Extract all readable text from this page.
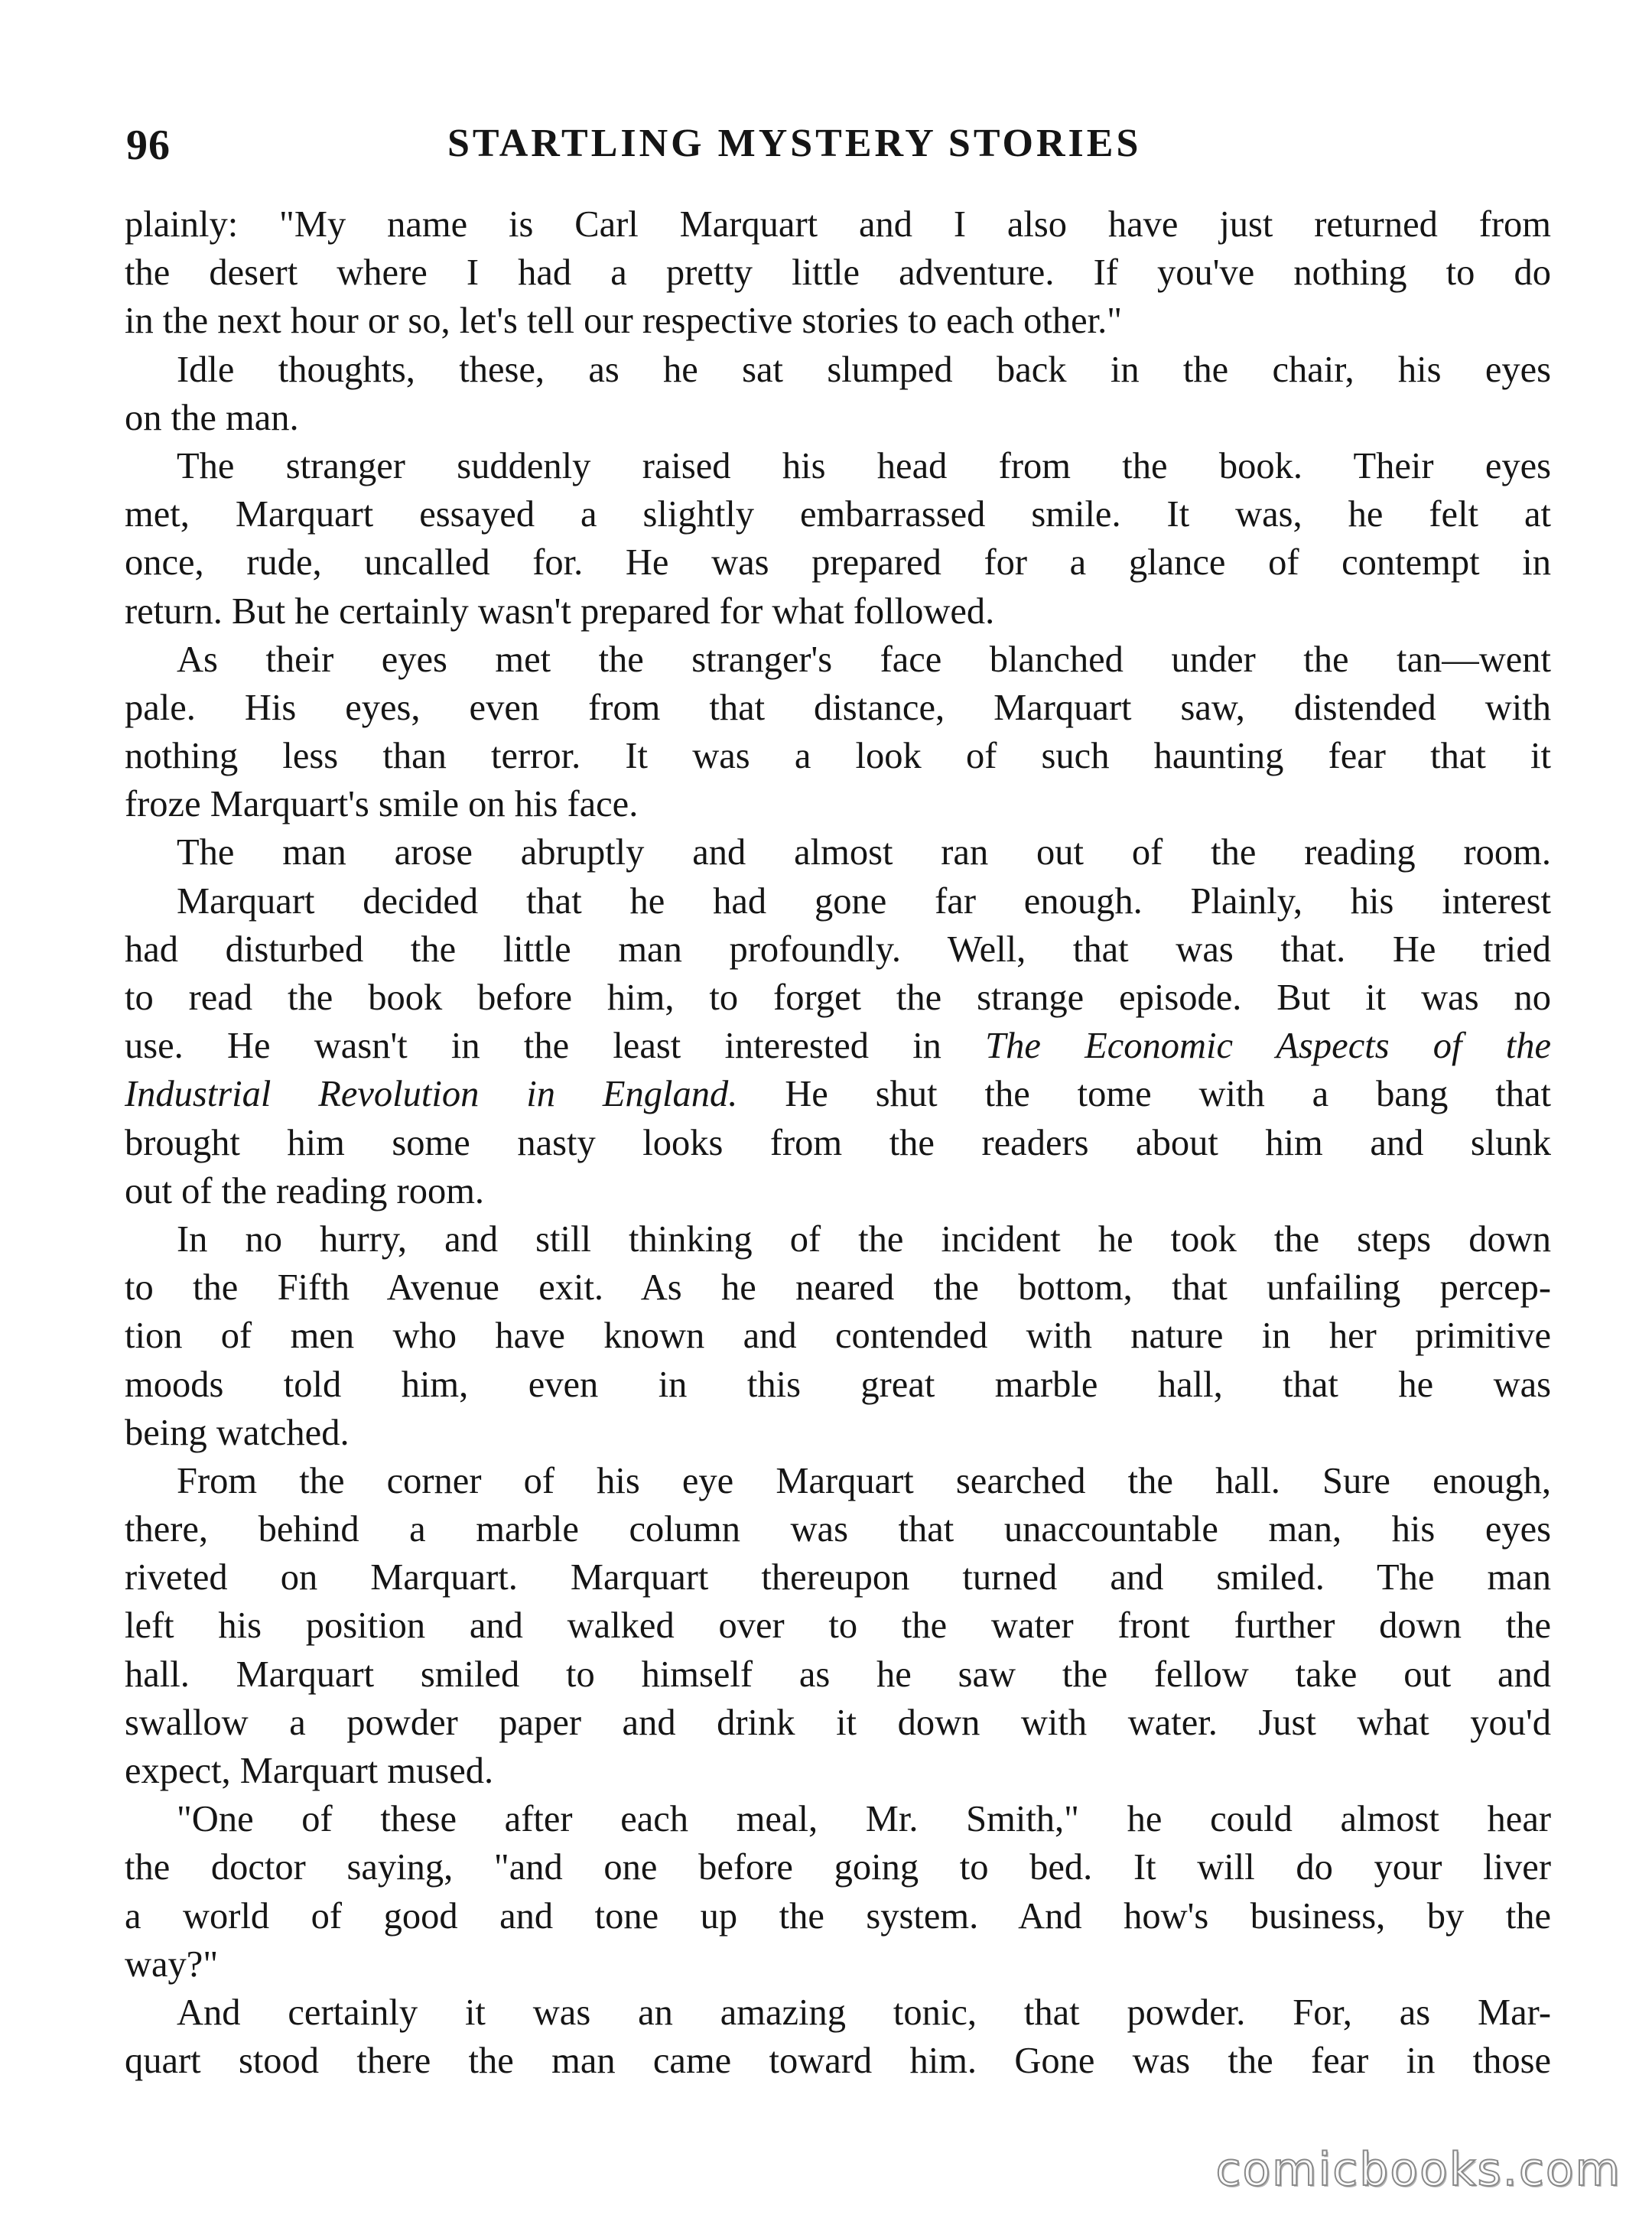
96	STARTLING MYSTERY STORIES
plainly: "My name is Carl Marquart and I also have just returned from
the desert where I had a pretty little adventure. If you've nothing to do
in the next hour or so, let's tell our respective stories to each other."
Idle thoughts, these, as he sat slumped back in the chair, his eyes
on the man.
The stranger suddenly raised his head from the book. Their eyes
met, Marquart essayed a slightly embarrassed smile. It was, he felt at
once, rude, uncalled for. He was prepared for a glance of contempt in
return. But he certainly wasn't prepared for what followed.
As their eyes met the stranger's face blanched under the tan—went
pale. His eyes, even from that distance, Marquart saw, distended with
nothing less than terror. It was a look of such haunting fear that it
froze Marquart's smile on his face.
The man arose abruptly and almost ran out of the reading room.
Marquart decided that he had gone far enough. Plainly, his interest
had disturbed the little man profoundly. Well, that was that. He tried
to read the book before him, to forget the strange episode. But it was no
use. He wasn't in the least interested in The Economic Aspects of the
Industrial Revolution in England. He shut the tome with a bang that
brought him some nasty looks from the readers about him and slunk
out of the reading room.
In no hurry, and still thinking of the incident he took the steps down
to the Fifth Avenue exit. As he neared the bottom, that unfailing percep-
tion of men who have known and contended with nature in her primitive
moods told him, even in this great marble hall, that he was
being watched.
From the corner of his eye Marquart searched the hall. Sure enough,
there, behind a marble column was that unaccountable man, his eyes
riveted on Marquart. Marquart thereupon turned and smiled. The man
left his position and walked over to the water front further down the
hall. Marquart smiled to himself as he saw the fellow take out and
swallow a powder paper and drink it down with water. Just what you'd
expect, Marquart mused.
"One of these after each meal, Mr. Smith," he could almost hear
the doctor saying, "and one before going to bed. It will do your liver
a world of good and tone up the system. And how's business, by the
way?"
And certainly it was an amazing tonic, that powder. For, as Mar-
quart stood there the man came toward him. Gone was the fear in those
comicbooks.com
